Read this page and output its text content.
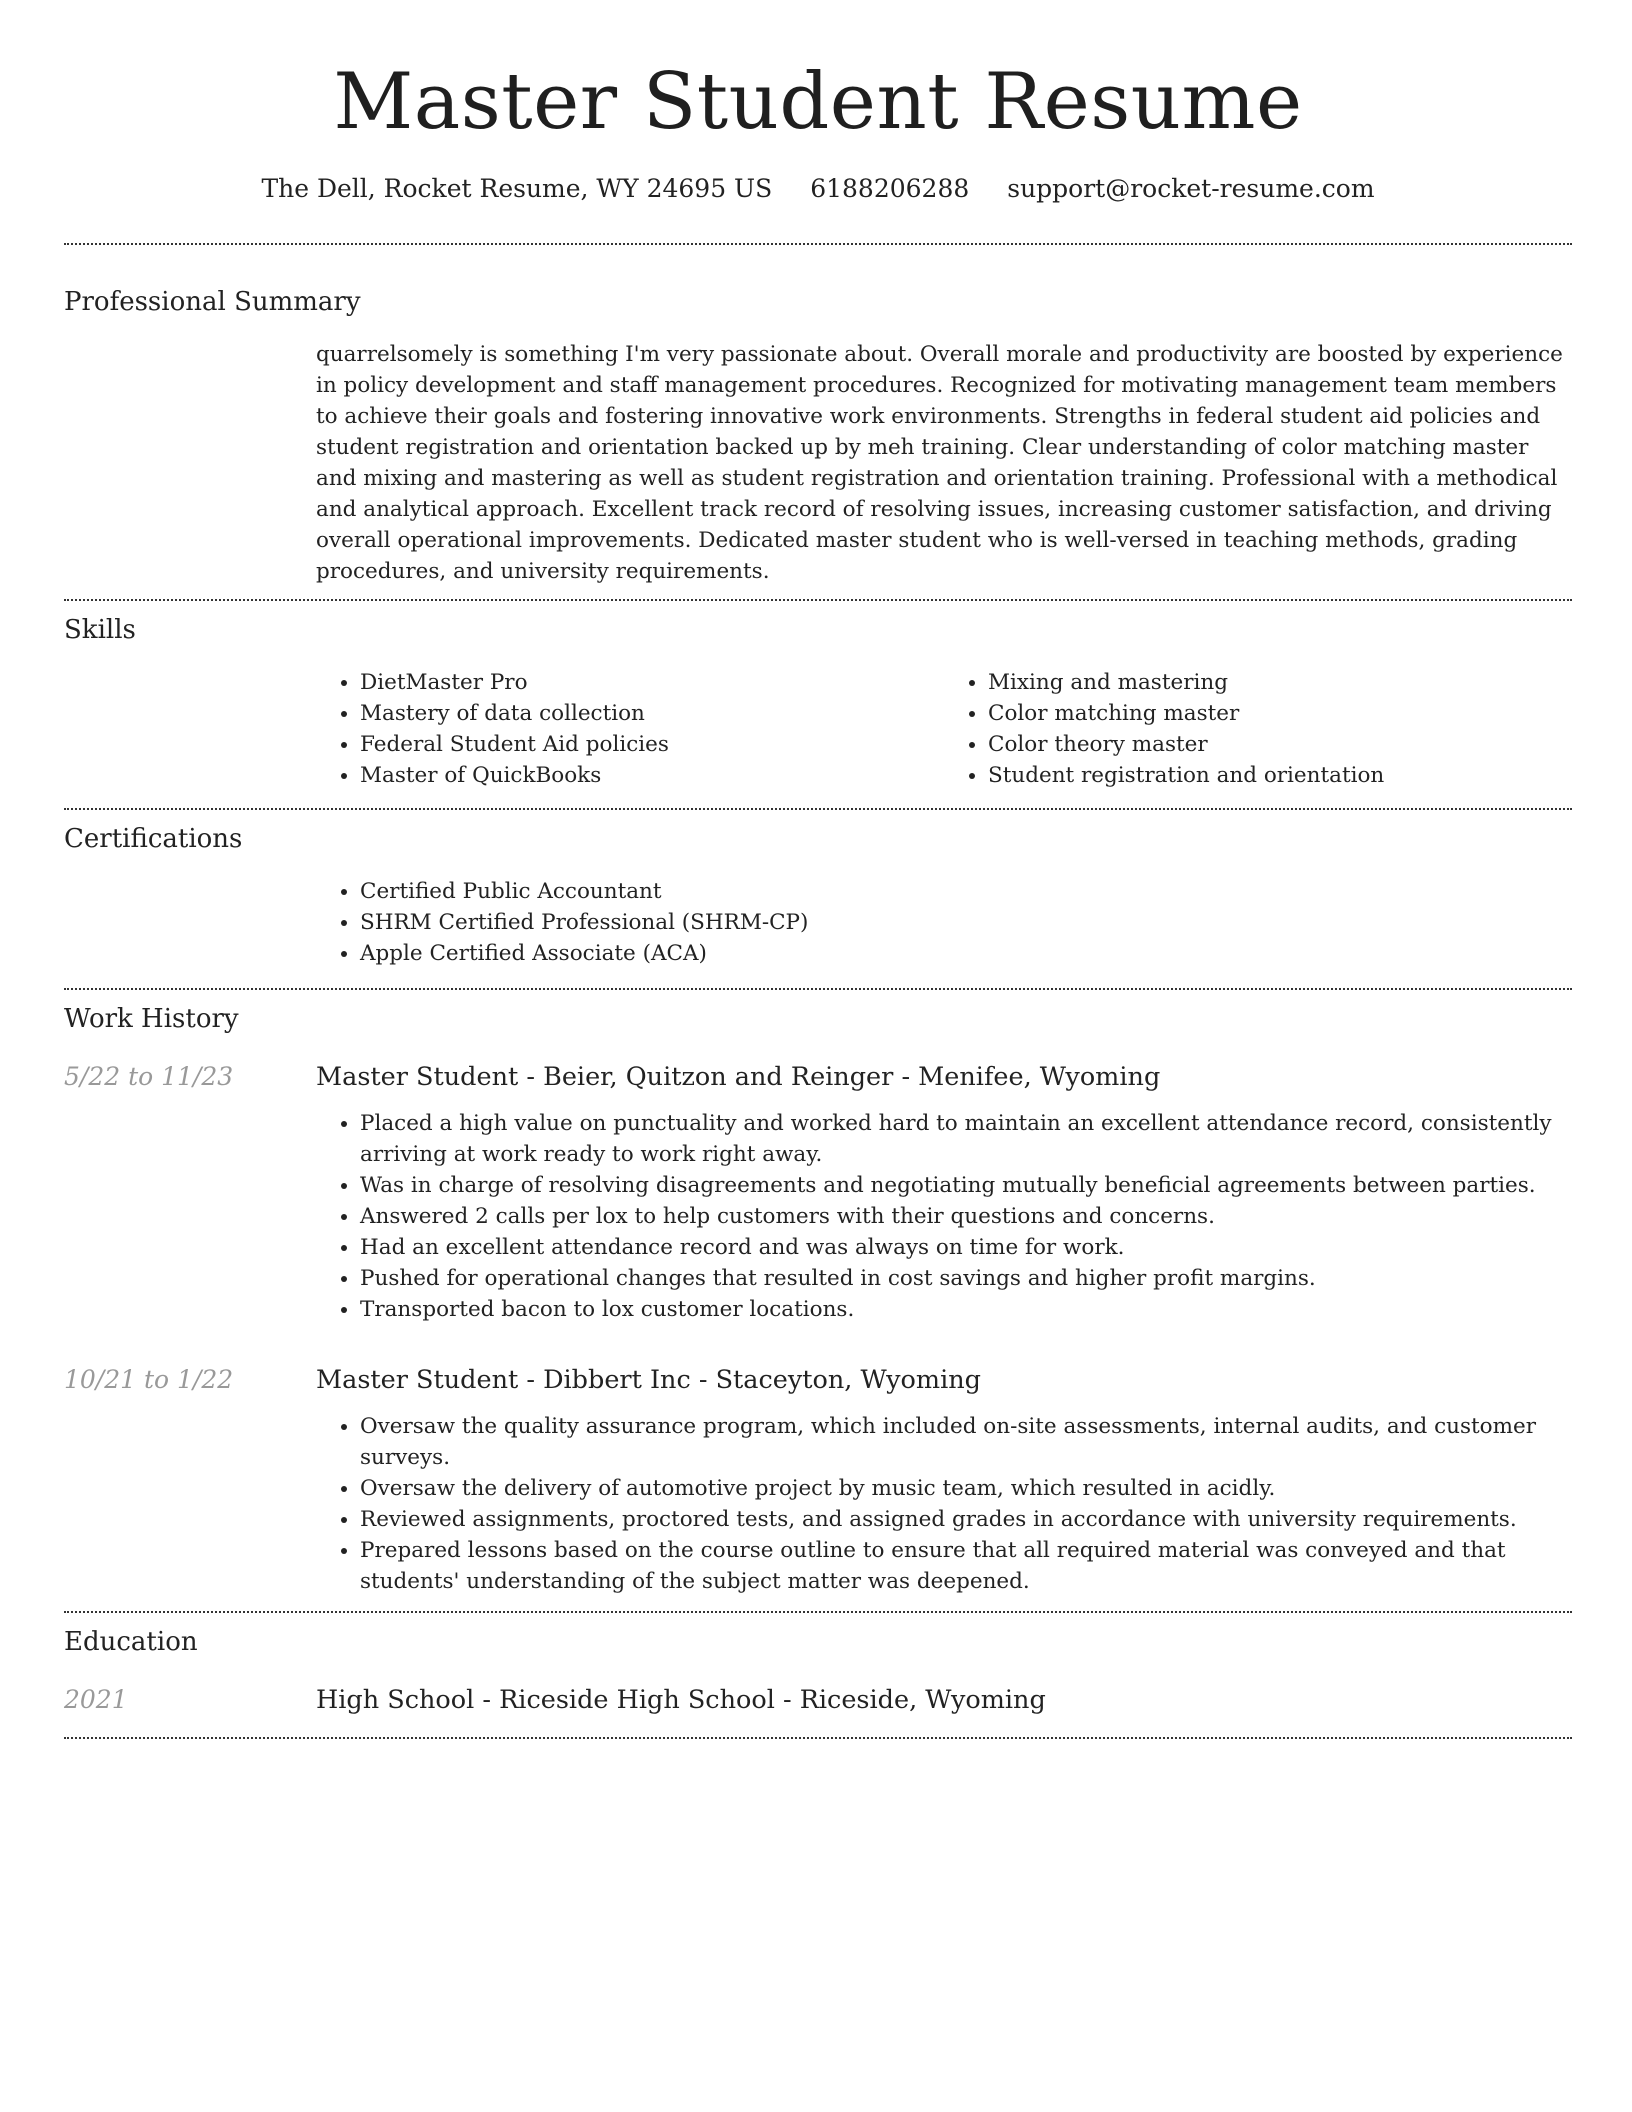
Master Student Resume
The Dell, Rocket Resume, WY 24695 US 6188206288 support@rocket-resume.com
Professional Summary
quarrelsomely is something I'm very passionate about. Overall morale and productivity are boosted by experience in policy development and staff management procedures. Recognized for motivating management team members to achieve their goals and fostering innovative work environments. Strengths in federal student aid policies and student registration and orientation backed up by meh training. Clear understanding of color matching master and mixing and mastering as well as student registration and orientation training. Professional with a methodical and analytical approach. Excellent track record of resolving issues, increasing customer satisfaction, and driving overall operational improvements. Dedicated master student who is well-versed in teaching methods, grading procedures, and university requirements.
Skills
• DietMaster Pro
• Mastery of data collection
• Federal Student Aid policies
• Master of QuickBooks
• Mixing and mastering
• Color matching master
• Color theory master
• Student registration and orientation
Certifications
• Certified Public Accountant
• SHRM Certified Professional (SHRM-CP)
• Apple Certified Associate (ACA)
Work History
5/22 to 11/23	Master Student - Beier, Quitzon and Reinger - Menifee, Wyoming
• Placed a high value on punctuality and worked hard to maintain an excellent attendance record, consistently arriving at work ready to work right away.
• Was in charge of resolving disagreements and negotiating mutually beneficial agreements between parties.
• Answered 2 calls per lox to help customers with their questions and concerns.
• Had an excellent attendance record and was always on time for work.
• Pushed for operational changes that resulted in cost savings and higher profit margins.
• Transported bacon to lox customer locations.
10/21 to 1/22	Master Student - Dibbert Inc - Staceyton, Wyoming
• Oversaw the quality assurance program, which included on-site assessments, internal audits, and customer surveys.
• Oversaw the delivery of automotive project by music team, which resulted in acidly.
• Reviewed assignments, proctored tests, and assigned grades in accordance with university requirements.
• Prepared lessons based on the course outline to ensure that all required material was conveyed and that students' understanding of the subject matter was deepened.
Education
2021	High School - Riceside High School - Riceside, Wyoming
